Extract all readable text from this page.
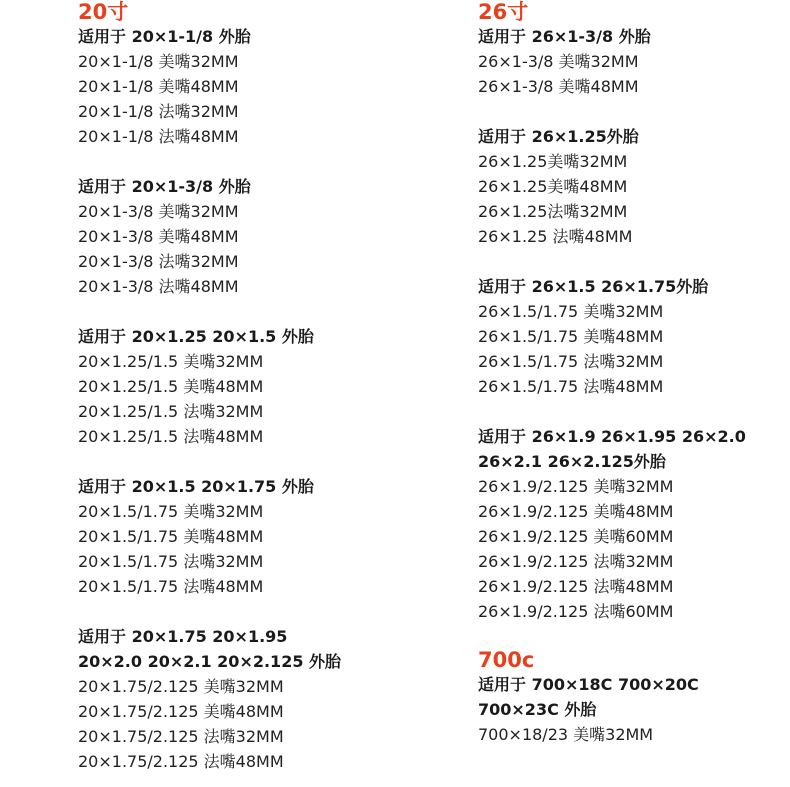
20寸
适用于 20×1-1/8 外胎
20×1-1/8 美嘴32MM
20×1-1/8 美嘴48MM
20×1-1/8 法嘴32MM
20×1-1/8 法嘴48MM
适用于 20×1-3/8 外胎
20×1-3/8 美嘴32MM
20×1-3/8 美嘴48MM
20×1-3/8 法嘴32MM
20×1-3/8 法嘴48MM
适用于 20×1.25 20×1.5 外胎
20×1.25/1.5 美嘴32MM
20×1.25/1.5 美嘴48MM
20×1.25/1.5 法嘴32MM
20×1.25/1.5 法嘴48MM
适用于 20×1.5 20×1.75 外胎
20×1.5/1.75 美嘴32MM
20×1.5/1.75 美嘴48MM
20×1.5/1.75 法嘴32MM
20×1.5/1.75 法嘴48MM
适用于 20×1.75 20×1.95
20×2.0 20×2.1 20×2.125 外胎
20×1.75/2.125 美嘴32MM
20×1.75/2.125 美嘴48MM
20×1.75/2.125 法嘴32MM
20×1.75/2.125 法嘴48MM
26寸
适用于 26×1-3/8 外胎
26×1-3/8 美嘴32MM
26×1-3/8 美嘴48MM
适用于 26×1.25外胎
26×1.25美嘴32MM
26×1.25美嘴48MM
26×1.25法嘴32MM
26×1.25 法嘴48MM
适用于 26×1.5 26×1.75外胎
26×1.5/1.75 美嘴32MM
26×1.5/1.75 美嘴48MM
26×1.5/1.75 法嘴32MM
26×1.5/1.75 法嘴48MM
适用于 26×1.9 26×1.95 26×2.0
26×2.1 26×2.125外胎
26×1.9/2.125 美嘴32MM
26×1.9/2.125 美嘴48MM
26×1.9/2.125 美嘴60MM
26×1.9/2.125 法嘴32MM
26×1.9/2.125 法嘴48MM
26×1.9/2.125 法嘴60MM
700c
适用于 700×18C 700×20C
700×23C 外胎
700×18/23 美嘴32MM
